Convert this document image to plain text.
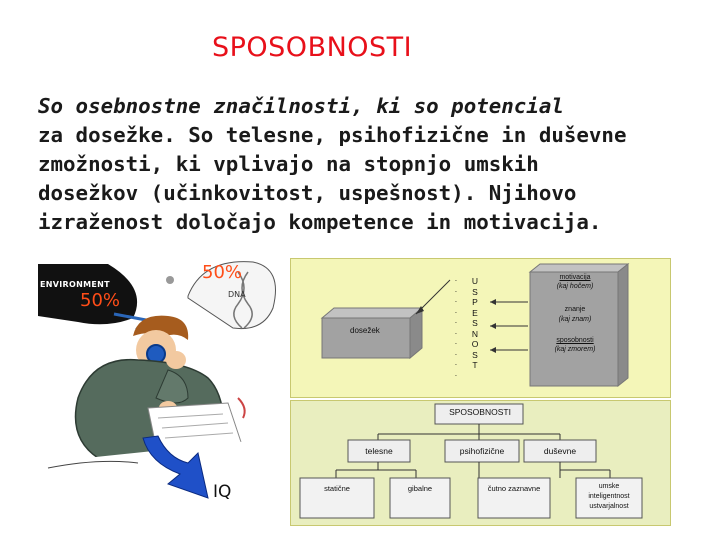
SPOSOBNOSTI
So osebnostne značilnosti, ki so potencial
za dosežke. So telesne, psihofizične in duševne
zmožnosti, ki vplivajo na stopnjo umskih
dosežkov (učinkovitost, uspešnost). Njihovo
izraženost določajo kompetence in motivacija.
ENVIRONMENT
50%
50%
DNA
IQ
·
·
·
·
·
·
·
·
·
·
U
S
P
E
S
N
O
S
T
dosežek
motivacija
(kaj hočem)
znanje
(kaj znam)
sposobnosti
(kaj zmorem)
SPOSOBNOSTI
telesne	psihofizične	duševne
statične	gibalne	čutno zaznavne	umske
inteligentnost
ustvarjalnost
